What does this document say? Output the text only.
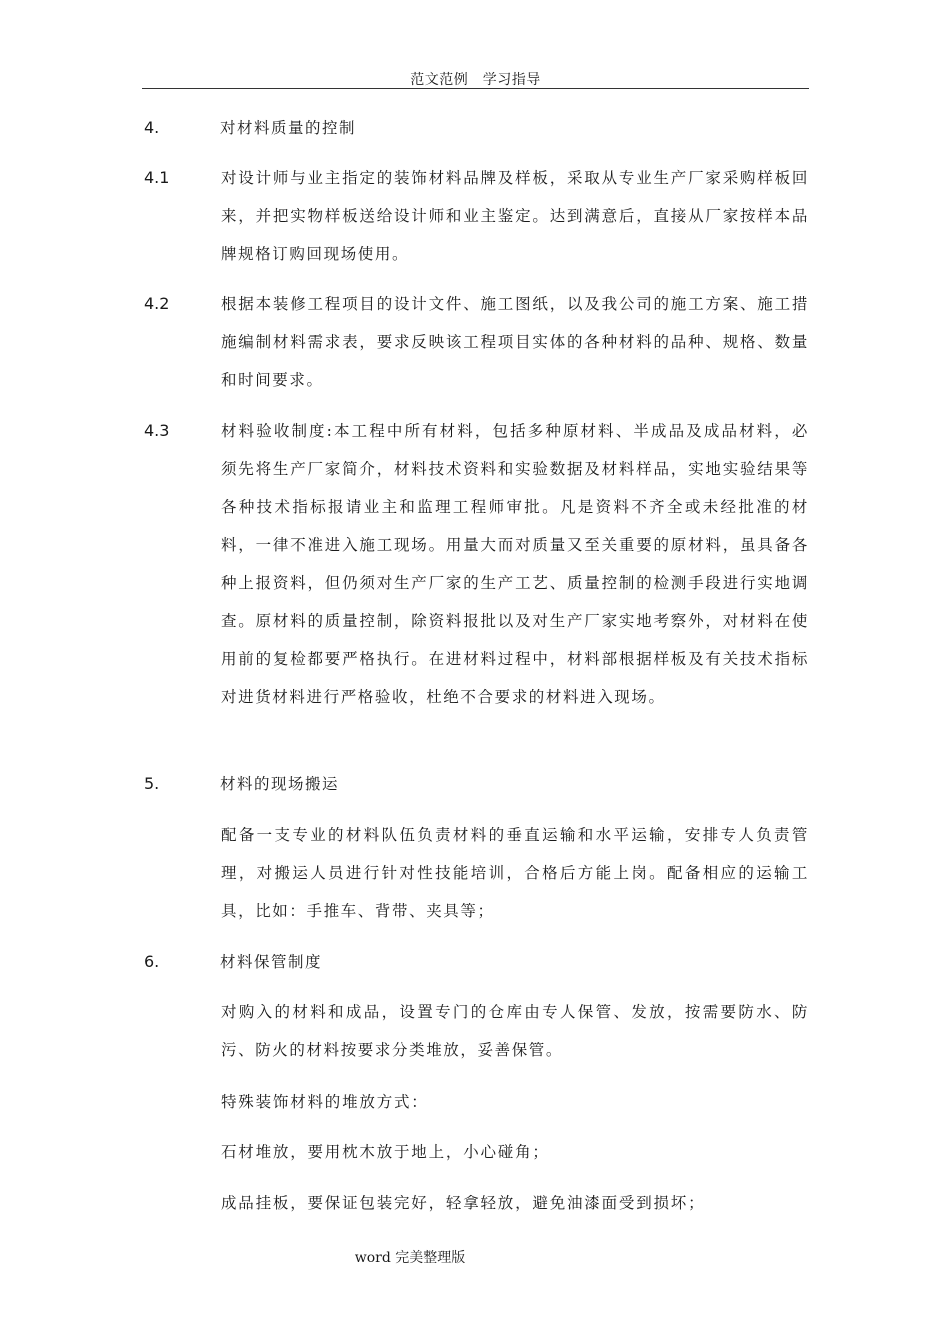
范文范例　学习指导
4.	对材料质量的控制
4.1	对设计师与业主指定的装饰材料品牌及样板，采取从专业生产厂家采购样板回来，并把实物样板送给设计师和业主鉴定。达到满意后，直接从厂家按样本品牌规格订购回现场使用。

4.2	根据本装修工程项目的设计文件、施工图纸，以及我公司的施工方案、施工措施编制材料需求表，要求反映该工程项目实体的各种材料的品种、规格、数量和时间要求。

4.3	材料验收制度:本工程中所有材料，包括多种原材料、半成品及成品材料，必须先将生产厂家简介，材料技术资料和实验数据及材料样品，实地实验结果等各种技术指标报请业主和监理工程师审批。凡是资料不齐全或未经批准的材料，一律不准进入施工现场。用量大而对质量又至关重要的原材料，虽具备各种上报资料，但仍须对生产厂家的生产工艺、质量控制的检测手段进行实地调查。原材料的质量控制，除资料报批以及对生产厂家实地考察外，对材料在使用前的复检都要严格执行。在进材料过程中，材料部根据样板及有关技术指标对进货材料进行严格验收，杜绝不合要求的材料进入现场。

5.	材料的现场搬运

配备一支专业的材料队伍负责材料的垂直运输和水平运输，安排专人负责管理，对搬运人员进行针对性技能培训，合格后方能上岗。配备相应的运输工具，比如：手推车、背带、夹具等；

6.	材料保管制度

对购入的材料和成品，设置专门的仓库由专人保管、发放，按需要防水、防污、防火的材料按要求分类堆放，妥善保管。

特殊装饰材料的堆放方式：
石材堆放，要用枕木放于地上，小心碰角；
成品挂板，要保证包装完好，轻拿轻放，避免油漆面受到损坏；
word 完美整理版
